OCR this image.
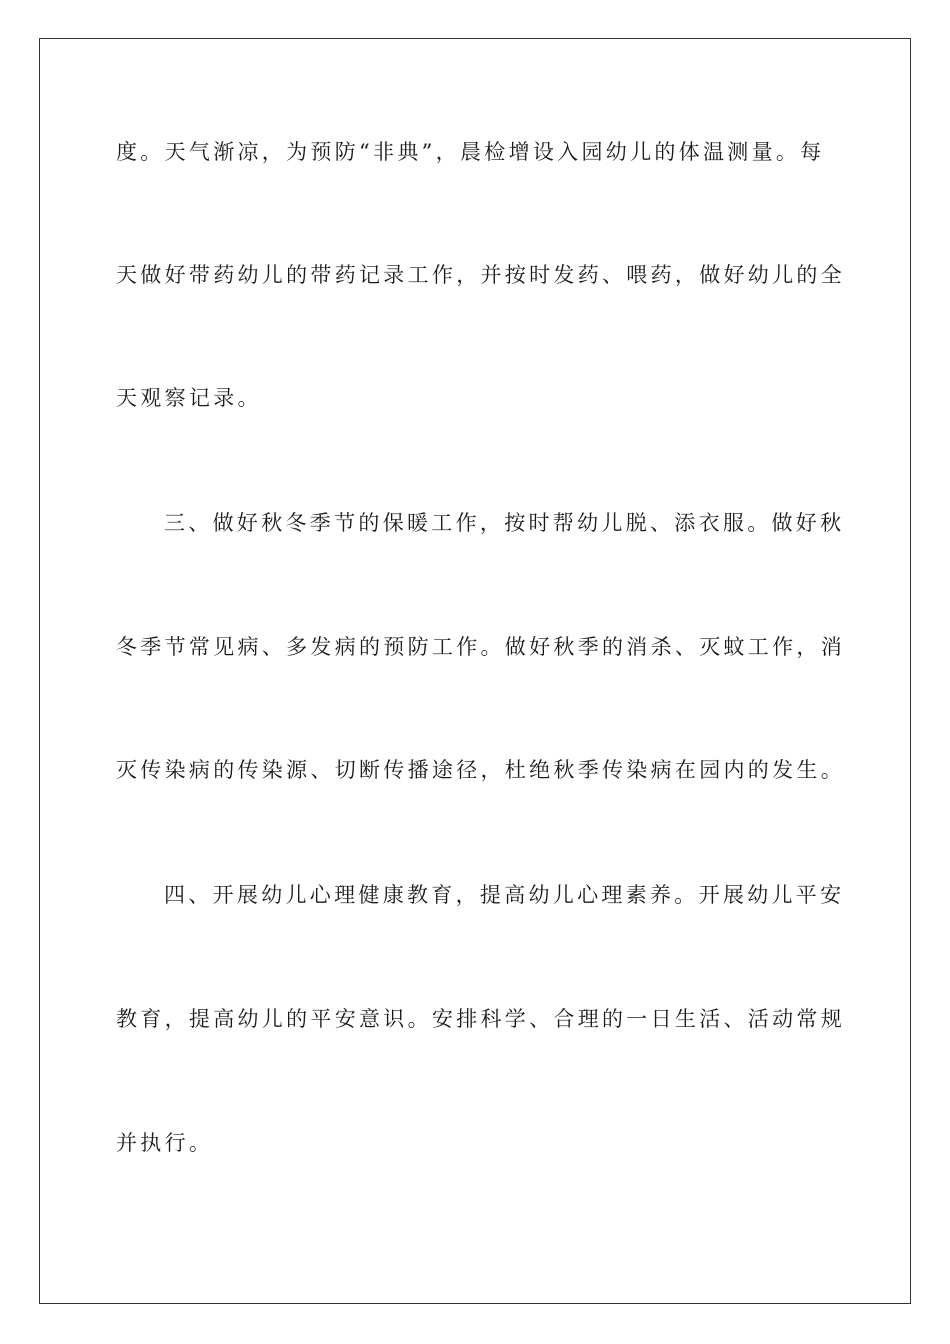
度。天气渐凉，为预防“非典”，晨检增设入园幼儿的体温测量。每
天做好带药幼儿的带药记录工作，并按时发药、喂药，做好幼儿的全
天观察记录。
三、做好秋冬季节的保暖工作，按时帮幼儿脱、添衣服。做好秋
冬季节常见病、多发病的预防工作。做好秋季的消杀、灭蚊工作，消
灭传染病的传染源、切断传播途径，杜绝秋季传染病在园内的发生。
四、开展幼儿心理健康教育，提高幼儿心理素养。开展幼儿平安
教育，提高幼儿的平安意识。安排科学、合理的一日生活、活动常规
并执行。
